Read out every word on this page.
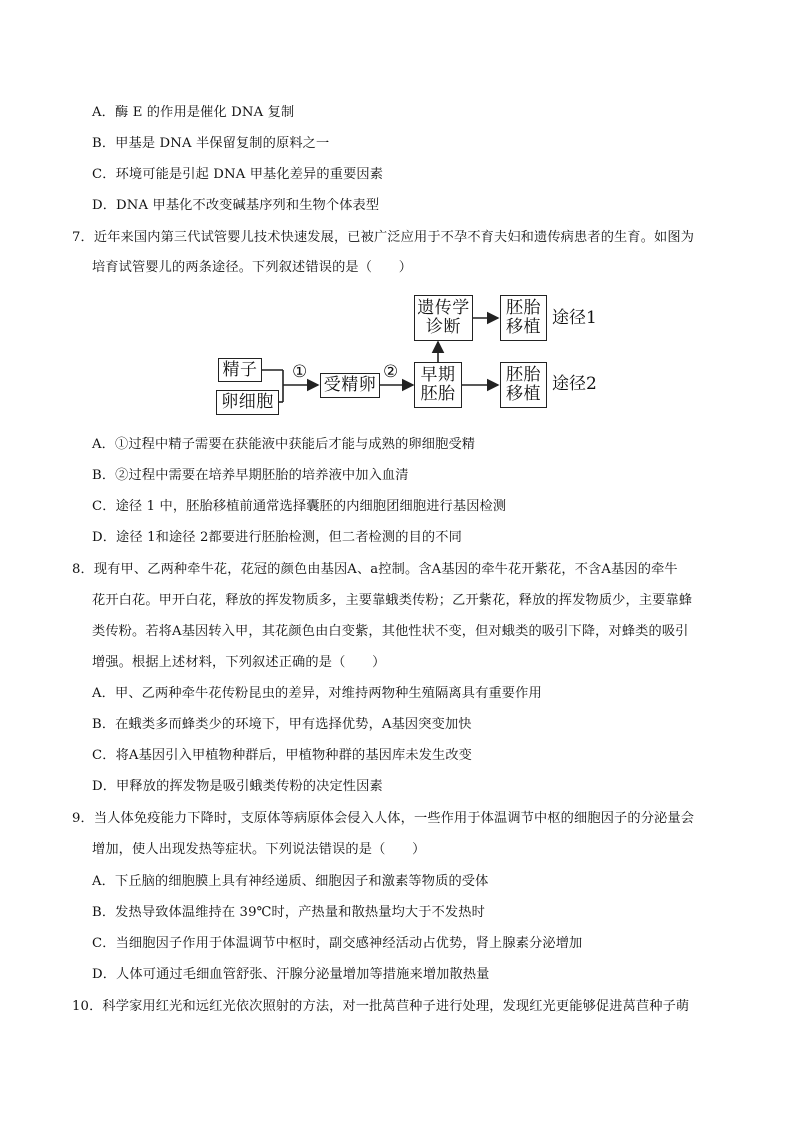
A．酶 E 的作用是催化 DNA 复制
B．甲基是 DNA 半保留复制的原料之一
C．环境可能是引起 DNA 甲基化差异的重要因素
D．DNA 甲基化不改变碱基序列和生物个体表型
7．近年来国内第三代试管婴儿技术快速发展，已被广泛应用于不孕不育夫妇和遗传病患者的生育。如图为
培育试管婴儿的两条途径。下列叙述错误的是（　　）
精子
卵细胞
①
受精卵
② 早期
胚胎
遗传学
诊断
胚胎
移植 途径1
胚胎
移植 途径2
A．①过程中精子需要在获能液中获能后才能与成熟的卵细胞受精
B．②过程中需要在培养早期胚胎的培养液中加入血清
C．途径 1 中，胚胎移植前通常选择囊胚的内细胞团细胞进行基因检测
D．途径 1和途径 2都要进行胚胎检测，但二者检测的目的不同
8．现有甲、乙两种牵牛花，花冠的颜色由基因A、a控制。含A基因的牵牛花开紫花，不含A基因的牵牛
花开白花。甲开白花，释放的挥发物质多，主要靠蛾类传粉；乙开紫花，释放的挥发物质少，主要靠蜂
类传粉。若将A基因转入甲，其花颜色由白变紫，其他性状不变，但对蛾类的吸引下降，对蜂类的吸引
增强。根据上述材料，下列叙述正确的是（　　）
A．甲、乙两种牵牛花传粉昆虫的差异，对维持两物种生殖隔离具有重要作用
B．在蛾类多而蜂类少的环境下，甲有选择优势，A基因突变加快
C．将A基因引入甲植物种群后，甲植物种群的基因库未发生改变
D．甲释放的挥发物是吸引蛾类传粉的决定性因素
9．当人体免疫能力下降时，支原体等病原体会侵入人体，一些作用于体温调节中枢的细胞因子的分泌量会
增加，使人出现发热等症状。下列说法错误的是（　　）
A．下丘脑的细胞膜上具有神经递质、细胞因子和激素等物质的受体
B．发热导致体温维持在 39℃时，产热量和散热量均大于不发热时
C．当细胞因子作用于体温调节中枢时，副交感神经活动占优势，肾上腺素分泌增加
D．人体可通过毛细血管舒张、汗腺分泌量增加等措施来增加散热量
10．科学家用红光和远红光依次照射的方法，对一批莴苣种子进行处理，发现红光更能够促进莴苣种子萌
